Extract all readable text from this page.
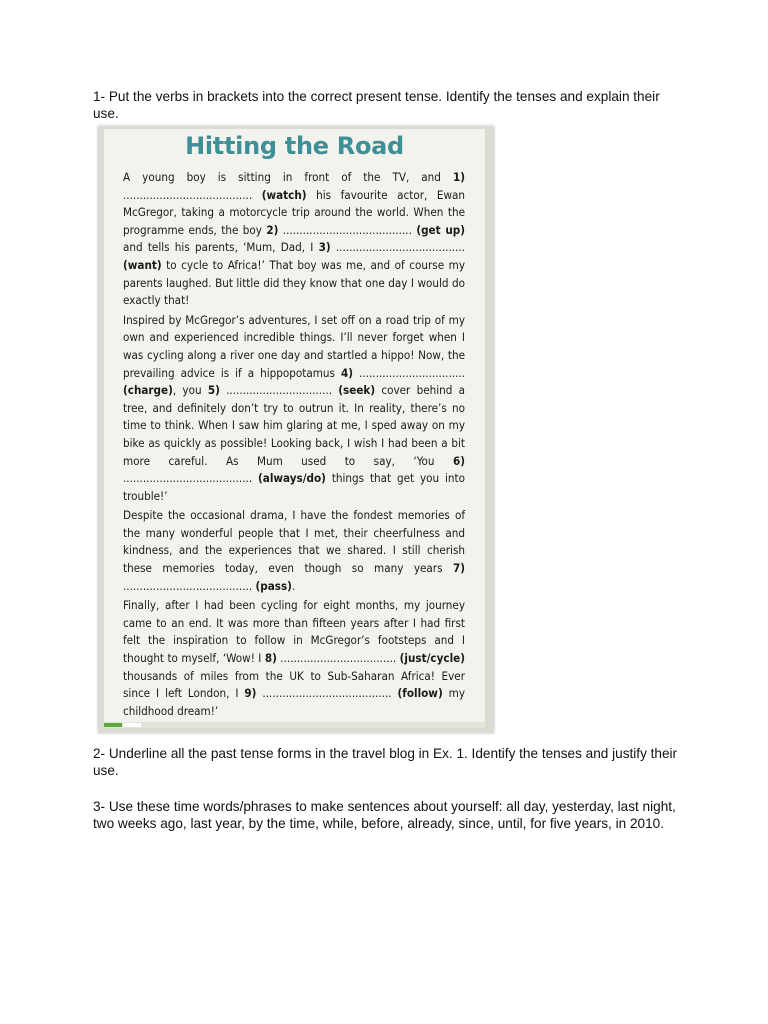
1- Put the verbs in brackets into the correct present tense. Identify the tenses and explain their use.

Hitting the Road

A young boy is sitting in front of the TV, and 1) ....................................... (watch) his favourite actor, Ewan McGregor, taking a motorcycle trip around the world. When the programme ends, the boy 2) ....................................... (get up) and tells his parents, ‘Mum, Dad, I 3) ....................................... (want) to cycle to Africa!’ That boy was me, and of course my parents laughed. But little did they know that one day I would do exactly that!

Inspired by McGregor’s adventures, I set off on a road trip of my own and experienced incredible things. I’ll never forget when I was cycling along a river one day and startled a hippo! Now, the prevailing advice is if a hippopotamus 4) ................................ (charge), you 5) ................................ (seek) cover behind a tree, and definitely don’t try to outrun it. In reality, there’s no time to think. When I saw him glaring at me, I sped away on my bike as quickly as possible! Looking back, I wish I had been a bit more careful. As Mum used to say, ‘You 6) ....................................... (always/do) things that get you into trouble!’

Despite the occasional drama, I have the fondest memories of the many wonderful people that I met, their cheerfulness and kindness, and the experiences that we shared. I still cherish these memories today, even though so many years 7) ....................................... (pass).

Finally, after I had been cycling for eight months, my journey came to an end. It was more than fifteen years after I had first felt the inspiration to follow in McGregor’s footsteps and I thought to myself, ‘Wow! I 8) ................................... (just/cycle) thousands of miles from the UK to Sub-Saharan Africa! Ever since I left London, I 9) ....................................... (follow) my childhood dream!’

2- Underline all the past tense forms in the travel blog in Ex. 1. Identify the tenses and justify their use.

3- Use these time words/phrases to make sentences about yourself: all day, yesterday, last night, two weeks ago, last year, by the time, while, before, already, since, until, for five years, in 2010.
